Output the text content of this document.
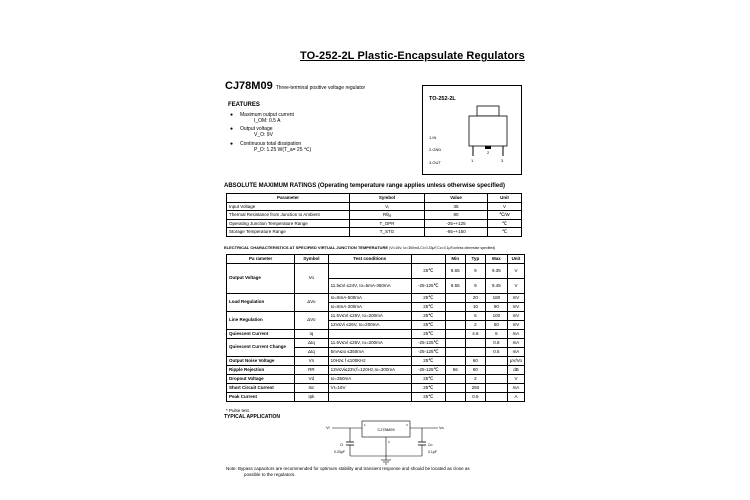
TO-252-2L Plastic-Encapsulate Regulators
CJ78M09 Three-terminal positive voltage regulator
FEATURES
● Maximum output current
I_OM: 0.5 A
● Output voltage
V_O: 9V
● Continuous total dissipation
P_D: 1.25 W(T_a= 25 ℃)
TO-252-2L
1.IN
2.GND
3.OUT	1
2
3
ABSOLUTE MAXIMUM RATINGS (Operating temperature range applies unless otherwise specified)
Parameter	Symbol	Value	Unit
Input Voltage	Vᵢ	35	V
Thermal Resistance from Junction to Ambient	Rθⱼₐ	80	℃/W
Operating Junction Temperature Range	T_OPR	-25~+125	℃
Storage Temperature Range	T_STG	-65~+150	℃
ELECTRICAL CHARACTERISTICS AT SPECIFIED VIRTUAL JUNCTION TEMPERATURE (Vi=16V, Io=350mA,Ci=0.33μF,Co=0.1μF,unless otherwise specified)
Pa rameter	Symbol	Test conditions		Min	Typ	Max	Unit
Output Voltage	Vo		25℃	8.65	9	9.35	V
		11.5≤Vi ≤24V, Io=5mA-350mA	-25-125℃	8.55	9	9.45	V
Load Regulation	ΔVo	Io=5mA-500mA	25℃		20	180	mV
		Io=5mA-200mA	25℃		10	90	mV
Line Regulation	ΔVo	11.5V≤Vi ≤26V, Io=200mA	25℃		6	100	mV
		12V≤Vi ≤26V, Io=200mA	25℃		2	50	mV
Quiescent Current	Iq		25℃		4.6	6	mA
Quiescent Current Change	ΔIq	11.5V≤Vi ≤26V, Io=200mA	-25-125℃			0.8	mA
	ΔIq	5mA≤Io ≤350mA	-25-125℃			0.5	mA
Output Noise Voltage	Vn	10Hz≤ f ≤100KHz	25℃		60		μV/Vo
Ripple Rejection	RR	13V≤Vi≤23V,f=120Hz,Io=300mA	-25-125℃	56	80		dB
Dropout Voltage	Vd	Io=350mA	25℃		2		V
Short Circuit Current	Isc	VI=16V	25℃		250		mA
Peak Current	Ipk		25℃		0.5		A
* Pulse test.
TYPICAL APPLICATION
CJ78M09
Vi	Vo
1	3
2
Ci
0.33μF
Co
0.1μF
Note: Bypass capacitors are recommended for optimum stability and transient response and should be located as close as
possible to the regulators.
